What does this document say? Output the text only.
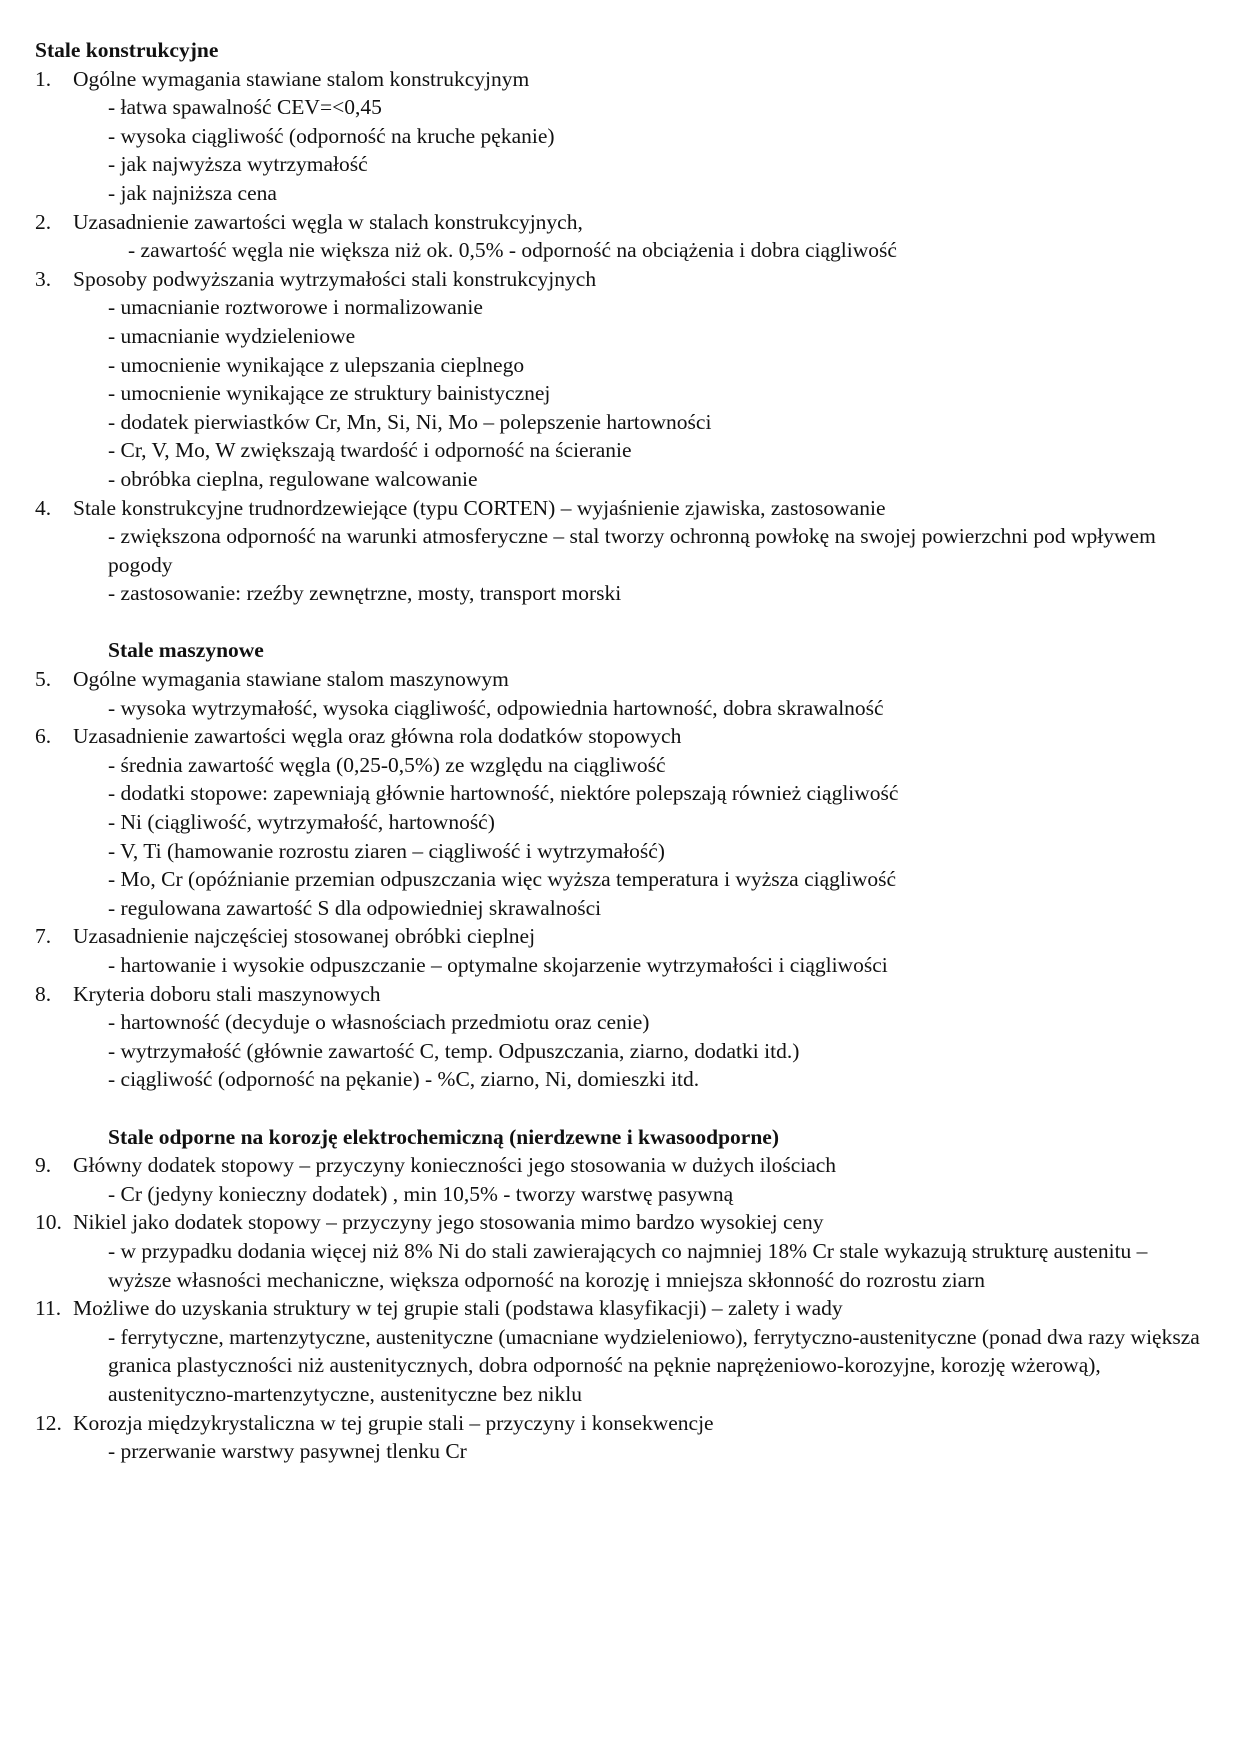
Stale konstrukcyjne
1. Ogólne wymagania stawiane stalom konstrukcyjnym
- łatwa spawalność CEV=<0,45
- wysoka ciągliwość (odporność na kruche pękanie)
- jak najwyższa wytrzymałość
- jak najniższa cena
2. Uzasadnienie zawartości węgla w stalach konstrukcyjnych,
- zawartość węgla nie większa niż ok. 0,5% - odporność na obciążenia i dobra ciągliwość
3. Sposoby podwyższania wytrzymałości stali konstrukcyjnych
- umacnianie roztworowe i normalizowanie
- umacnianie wydzieleniowe
- umocnienie wynikające z ulepszania cieplnego
- umocnienie wynikające ze struktury bainistycznej
- dodatek pierwiastków Cr, Mn, Si, Ni, Mo – polepszenie hartowności
- Cr, V, Mo, W zwiększają twardość i odporność na ścieranie
- obróbka cieplna, regulowane walcowanie
4. Stale konstrukcyjne trudnordzewiejące (typu CORTEN) – wyjaśnienie zjawiska, zastosowanie
- zwiększona odporność na warunki atmosferyczne – stal tworzy ochronną powłokę na swojej powierzchni pod wpływem pogody
- zastosowanie: rzeźby zewnętrzne, mosty, transport morski
Stale maszynowe
5. Ogólne wymagania stawiane stalom maszynowym
- wysoka wytrzymałość, wysoka ciągliwość, odpowiednia hartowność, dobra skrawalność
6. Uzasadnienie zawartości węgla oraz główna rola dodatków stopowych
- średnia zawartość węgla (0,25-0,5%) ze względu na ciągliwość
- dodatki stopowe: zapewniają głównie hartowność, niektóre polepszają również ciągliwość
- Ni (ciągliwość, wytrzymałość, hartowność)
- V, Ti (hamowanie rozrostu ziaren – ciągliwość i wytrzymałość)
- Mo, Cr (opóźnianie przemian odpuszczania więc wyższa temperatura i wyższa ciągliwość
- regulowana zawartość S dla odpowiedniej skrawalności
7. Uzasadnienie najczęściej stosowanej obróbki cieplnej
- hartowanie i wysokie odpuszczanie – optymalne skojarzenie wytrzymałości i ciągliwości
8. Kryteria doboru stali maszynowych
- hartowność (decyduje o własnościach przedmiotu oraz cenie)
- wytrzymałość (głównie zawartość C, temp. Odpuszczania, ziarno, dodatki itd.)
- ciągliwość (odporność na pękanie) - %C, ziarno, Ni, domieszki itd.
Stale odporne na korozję elektrochemiczną (nierdzewne i kwasoodporne)
9. Główny dodatek stopowy – przyczyny konieczności jego stosowania w dużych ilościach
- Cr (jedyny konieczny dodatek) , min 10,5% - tworzy warstwę pasywną
10. Nikiel jako dodatek stopowy – przyczyny jego stosowania mimo bardzo wysokiej ceny
- w przypadku dodania więcej niż 8% Ni do stali zawierających co najmniej 18% Cr stale wykazują strukturę austenitu – wyższe własności mechaniczne, większa odporność na korozję i mniejsza skłonność do rozrostu ziarn
11. Możliwe do uzyskania struktury w tej grupie stali (podstawa klasyfikacji) – zalety i wady
- ferrytyczne, martenzytyczne, austenityczne (umacniane wydzieleniowo), ferrytyczno-austenityczne (ponad dwa razy większa granica plastyczności niż austenitycznych, dobra odporność na pęknie naprężeniowo-korozyjne, korozję wżerową), austenityczno-martenzytyczne, austenityczne bez niklu
12. Korozja międzykrystaliczna w tej grupie stali – przyczyny i konsekwencje
- przerwanie warstwy pasywnej tlenku Cr
